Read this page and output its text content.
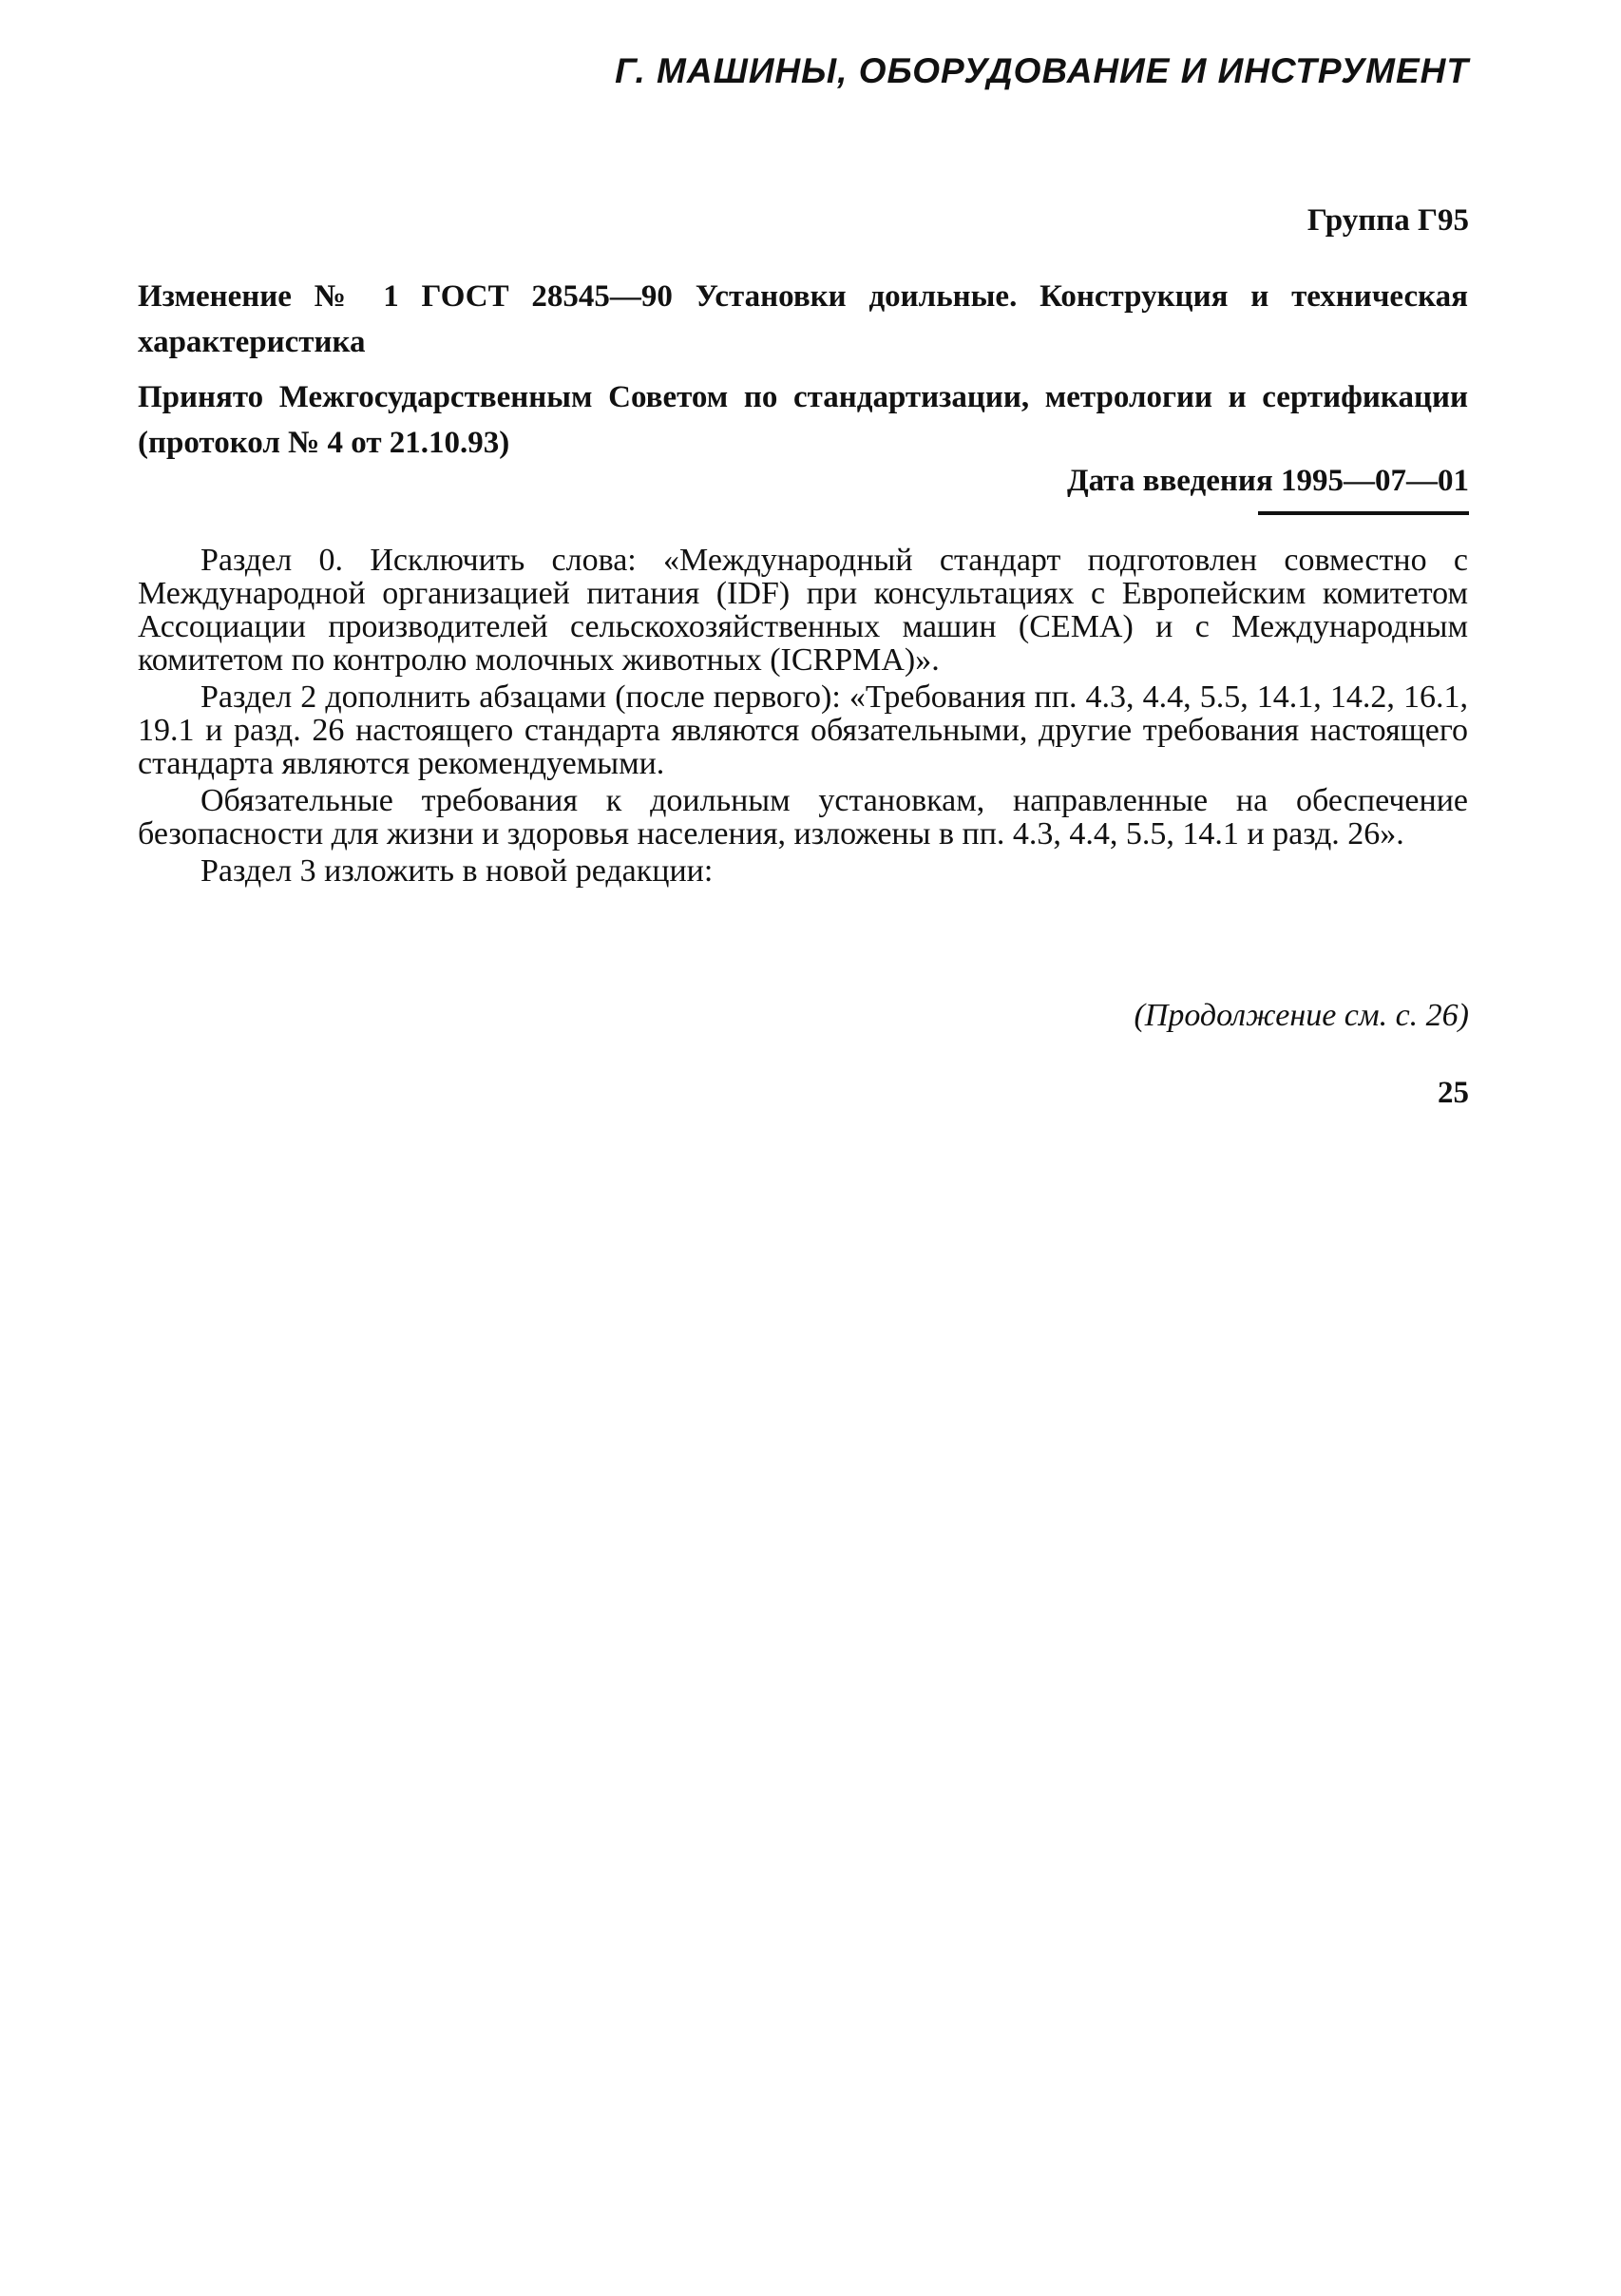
Г. МАШИНЫ, ОБОРУДОВАНИЕ И ИНСТРУМЕНТ
Группа Г95
Изменение № 1 ГОСТ 28545—90 Установки доильные. Конструкция и техническая характеристика
Принято Межгосударственным Советом по стандартизации, метрологии и сертификации (протокол № 4 от 21.10.93)
Дата введения 1995—07—01

Раздел 0. Исключить слова: «Международный стандарт подготовлен совместно с Международной организацией питания (IDF) при консультациях с Европейским комитетом Ассоциации производителей сельскохозяйственных машин (CEMA) и с Международным комитетом по контролю молочных животных (ICRPMA)».

Раздел 2 дополнить абзацами (после первого): «Требования пп. 4.3, 4.4, 5.5, 14.1, 14.2, 16.1, 19.1 и разд. 26 настоящего стандарта являются обязательными, другие требования настоящего стандарта являются рекомендуемыми.

Обязательные требования к доильным установкам, направленные на обеспечение безопасности для жизни и здоровья населения, изложены в пп. 4.3, 4.4, 5.5, 14.1 и разд. 26».

Раздел 3 изложить в новой редакции:

(Продолжение см. с. 26)
25
